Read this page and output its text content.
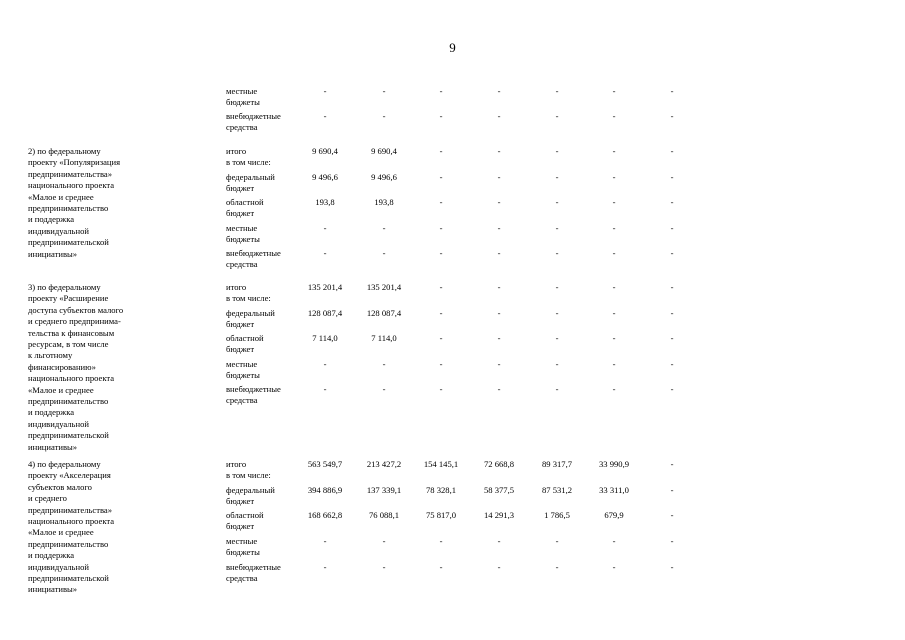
9
местные
бюджеты
-	-	-	-	-	-	-
внебюджетные
средства
-	-	-	-	-	-	-
2) по федеральному
проекту «Популяризация
предпринимательства»
национального проекта
«Малое и среднее
предпринимательство
и поддержка
индивидуальной
предпринимательской
инициативы»
итого
в том числе:
9 690,4	9 690,4	-	-	-	-	-
федеральный
бюджет
9 496,6	9 496,6	-	-	-	-	-
областной
бюджет
193,8	193,8	-	-	-	-	-
местные
бюджеты
-	-	-	-	-	-	-
внебюджетные
средства
-	-	-	-	-	-	-
3) по федеральному
проекту «Расширение
доступа субъектов малого
и среднего предпринима-
тельства к финансовым
ресурсам, в том числе
к льготному
финансированию»
национального проекта
«Малое и среднее
предпринимательство
и поддержка
индивидуальной
предпринимательской
инициативы»
итого
в том числе:
135 201,4	135 201,4	-	-	-	-	-
федеральный
бюджет
128 087,4	128 087,4	-	-	-	-	-
областной
бюджет
7 114,0	7 114,0	-	-	-	-	-
местные
бюджеты
-	-	-	-	-	-	-
внебюджетные
средства
-	-	-	-	-	-	-
4) по федеральному
проекту «Акселерация
субъектов малого
и среднего
предпринимательства»
национального проекта
«Малое и среднее
предпринимательство
и поддержка
индивидуальной
предпринимательской
инициативы»
итого
в том числе:
563 549,7	213 427,2	154 145,1	72 668,8	89 317,7	33 990,9	-
федеральный
бюджет
394 886,9	137 339,1	78 328,1	58 377,5	87 531,2	33 311,0	-
областной
бюджет
168 662,8	76 088,1	75 817,0	14 291,3	1 786,5	679,9	-
местные
бюджеты
-	-	-	-	-	-	-
внебюджетные
средства
-	-	-	-	-	-	-
